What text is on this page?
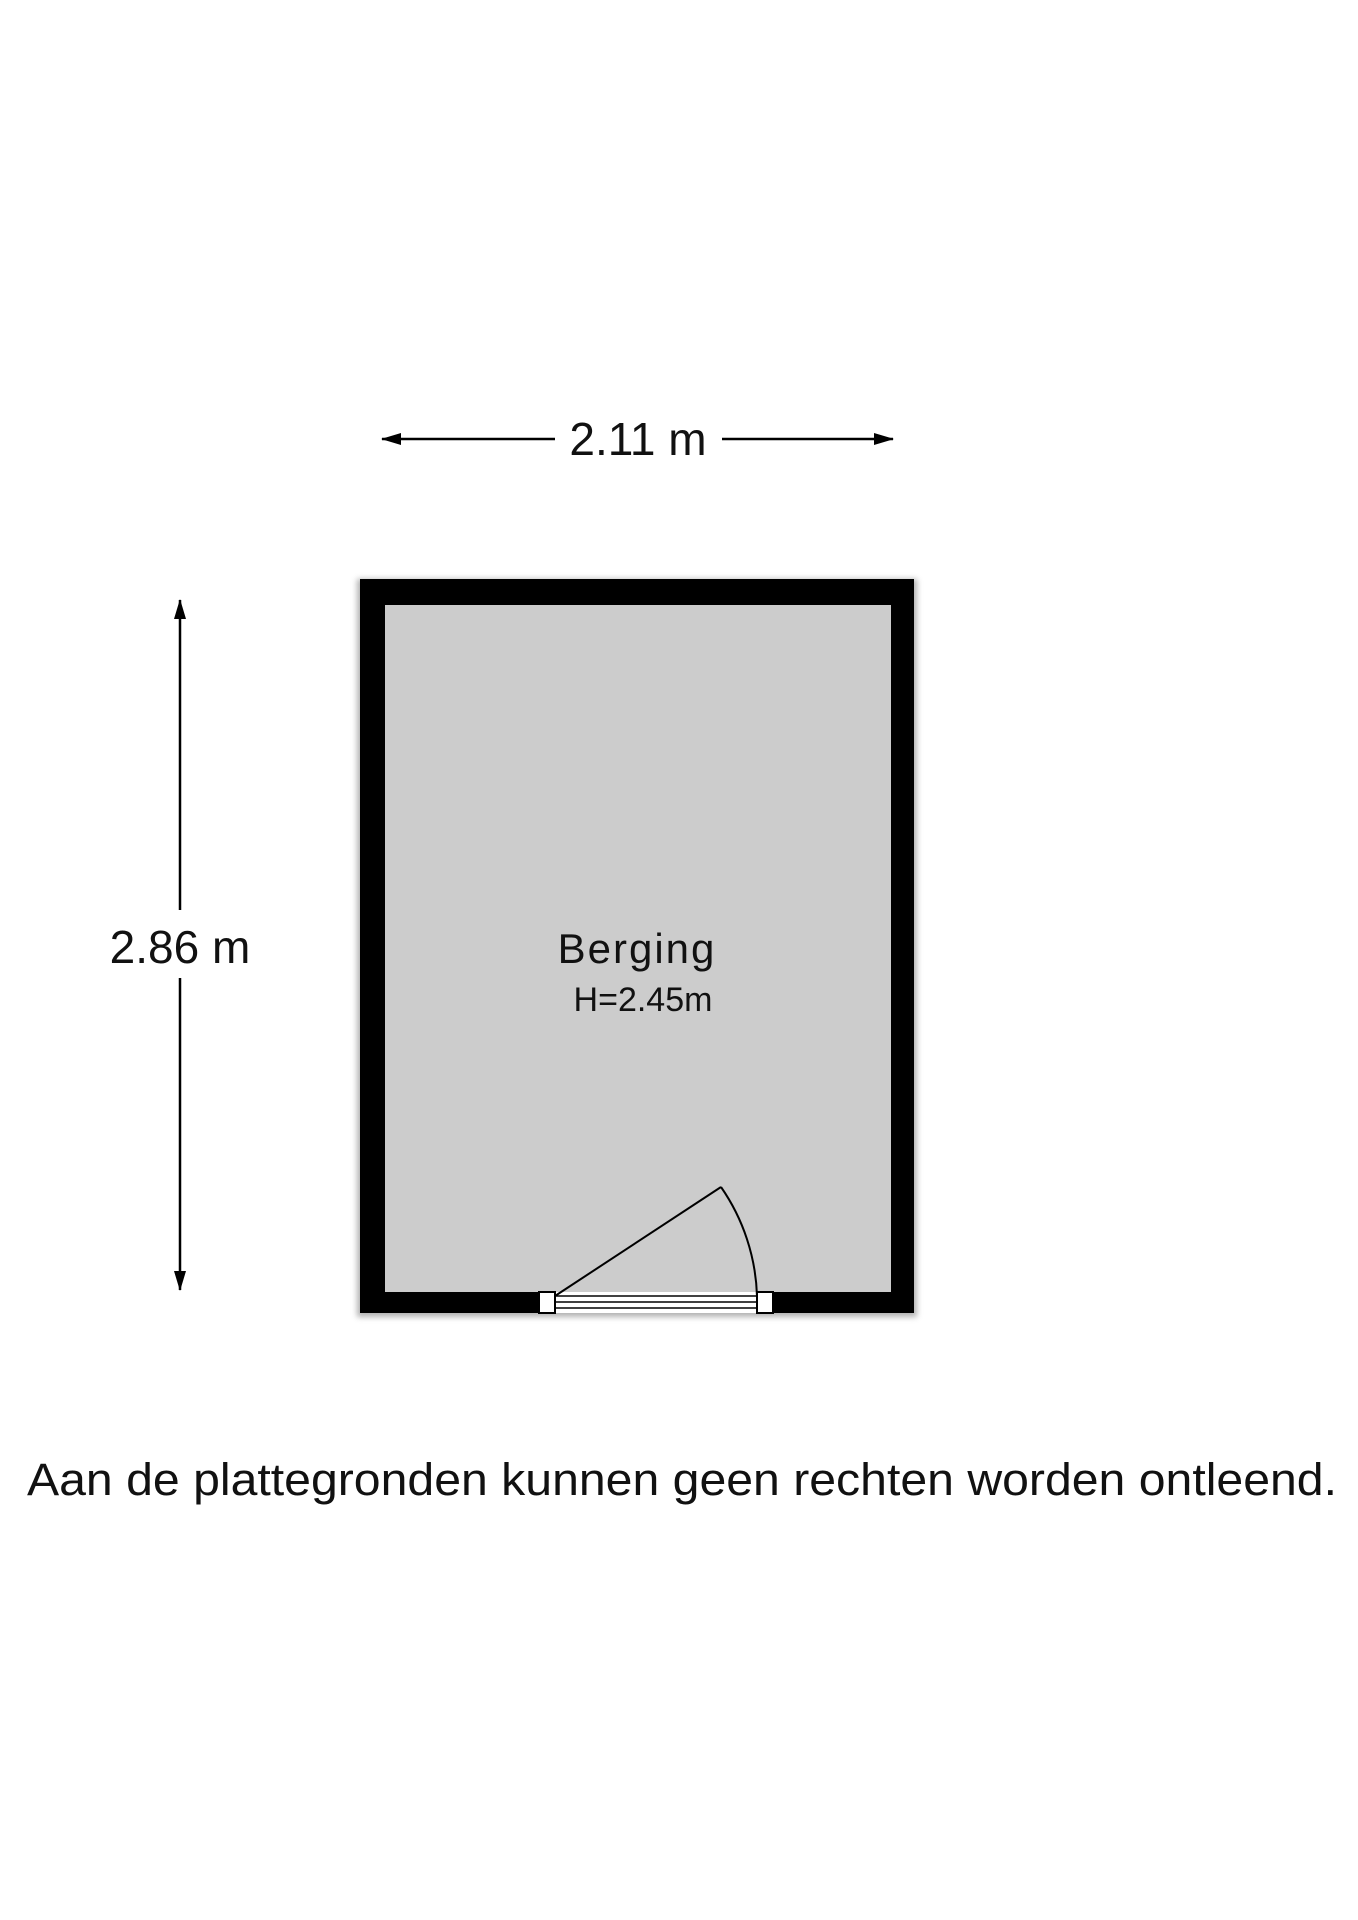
2.11 m
2.86 m	Berging
H=2.45m
Aan de plattegronden kunnen geen rechten worden ontleend.
